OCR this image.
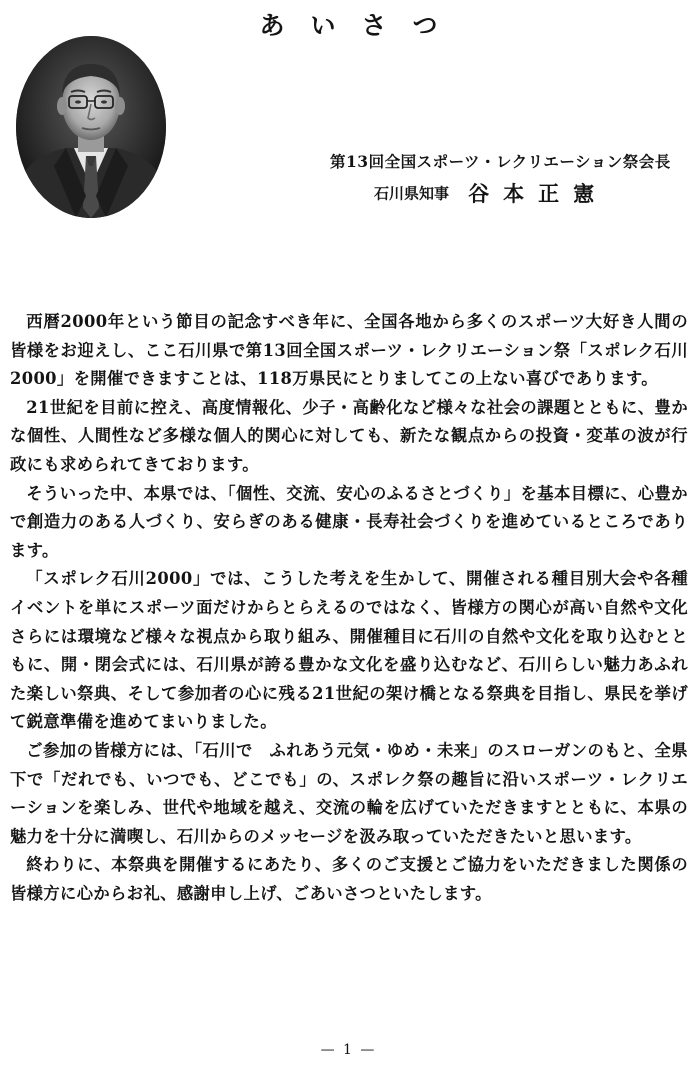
あいさつ
第13回全国スポーツ・レクリエーション祭会長
石川県知事 谷本正憲

西暦2000年という節目の記念すべき年に、全国各地から多くのスポーツ大好き人間の皆様をお迎えし、ここ石川県で第13回全国スポーツ・レクリエーション祭「スポレク石川2000」を開催できますことは、118万県民にとりましてこの上ない喜びであります。

21世紀を目前に控え、高度情報化、少子・高齢化など様々な社会の課題とともに、豊かな個性、人間性など多様な個人的関心に対しても、新たな観点からの投資・変革の波が行政にも求められてきております。

そういった中、本県では、「個性、交流、安心のふるさとづくり」を基本目標に、心豊かで創造力のある人づくり、安らぎのある健康・長寿社会づくりを進めているところであります。

「スポレク石川2000」では、こうした考えを生かして、開催される種目別大会や各種イベントを単にスポーツ面だけからとらえるのではなく、皆様方の関心が高い自然や文化さらには環境など様々な視点から取り組み、開催種目に石川の自然や文化を取り込むとともに、開・閉会式には、石川県が誇る豊かな文化を盛り込むなど、石川らしい魅力あふれた楽しい祭典、そして参加者の心に残る21世紀の架け橋となる祭典を目指し、県民を挙げて鋭意準備を進めてまいりました。

ご参加の皆様方には、「石川で　ふれあう元気・ゆめ・未来」のスローガンのもと、全県下で「だれでも、いつでも、どこでも」の、スポレク祭の趣旨に沿いスポーツ・レクリエーションを楽しみ、世代や地域を越え、交流の輪を広げていただきますとともに、本県の魅力を十分に満喫し、石川からのメッセージを汲み取っていただきたいと思います。

終わりに、本祭典を開催するにあたり、多くのご支援とご協力をいただきました関係の皆様方に心からお礼、感謝申し上げ、ごあいさつといたします。

— 1 —
